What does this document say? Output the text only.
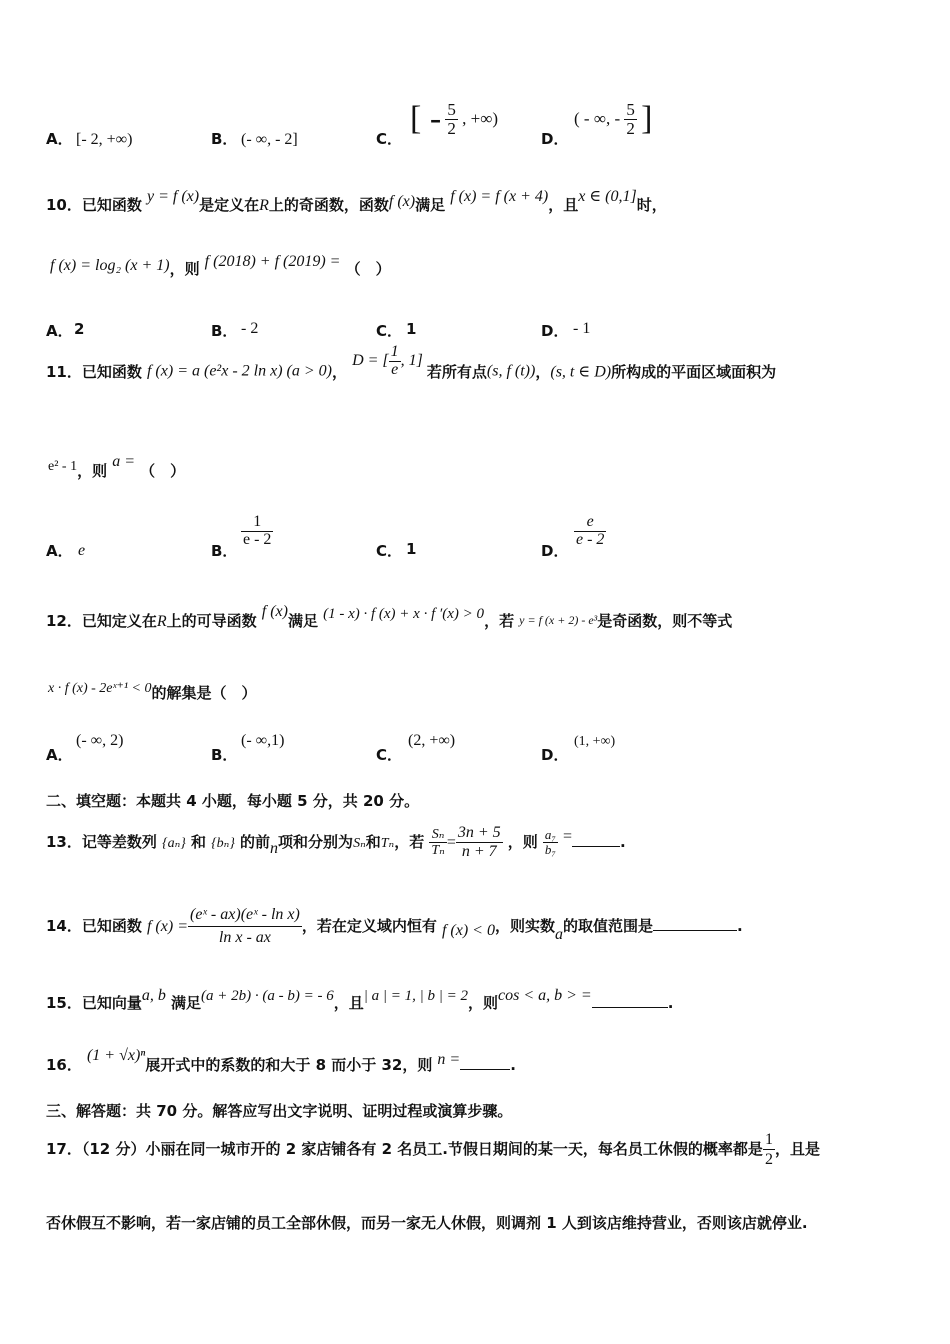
A． [- 2, +∞)	B． (- ∞, - 2]	C．
[ - $\frac{5}{2}$ , +∞)
D．
( - ∞, - $\frac{5}{2}$ ]
10．已知函数 y = f (x)是定义在R上的奇函数，函数f (x)满足 f (x) = f (x + 4)，且x ∈ (0,1]时，
f (x) = log₂ (x + 1)，则 f (2018) + f (2019) = （　）
A． 2	B． - 2	C． 1	D． - 1
11．已知函数 f (x) = a (e²x - 2 ln x) (a > 0)， D = [ $\frac{1}{e}$ , 1] 若所有点(s, f (t))，(s, t ∈ D)所构成的平面区域面积为
e² - 1，则 a = （　）
A． e	B．
$\frac{1}{e - 2}$
C． 1	D．
$\frac{e}{e - 2}$
12．已知定义在R上的可导函数 f (x)满足 (1 - x) · f (x) + x · f ′(x) > 0，若 y = f (x + 2) - e³是奇函数，则不等式
x · f (x) - 2eˣ⁺¹ < 0的解集是（　）
A．
(- ∞, 2)
B．
(- ∞,1)
C．
(2, +∞)
D．
(1, +∞)
二、填空题：本题共 4 小题，每小题 5 分，共 20 分。
13．记等差数列 {aₙ} 和 {bₙ} 的前n项和分别为Sₙ和Tₙ，若 $\frac{\text{Sₙ}}{\text{Tₙ}} = \frac{3n + 5}{n + 7}$ ，则 $\frac{\text{a₇}}{\text{b₇}}$ =	.
14．已知函数 f $(x) = \frac{\text{(eˣ - ax)(eˣ - ln x)}}{\text{ln x - ax}}$ ，若在定义域内恒有 f (x) < 0，则实数a的取值范围是	.
15．已知向量a, b 满足(a + 2b) · (a - b) = - 6，且| a | = 1, | b | = 2，则cos < a, b > =	.
16． (1 + √x)ⁿ展开式中的系数的和大于 8 而小于 32，则 n =	.
三、解答题：共 70 分。解答应写出文字说明、证明过程或演算步骤。
17．（12 分）小丽在同一城市开的 2 家店铺各有 2 名员工.节假日期间的某一天，每名员工休假的概率都是 $\frac{1}{2}$ ，且是
否休假互不影响，若一家店铺的员工全部休假，而另一家无人休假，则调剂 1 人到该店维持营业，否则该店就停业.
